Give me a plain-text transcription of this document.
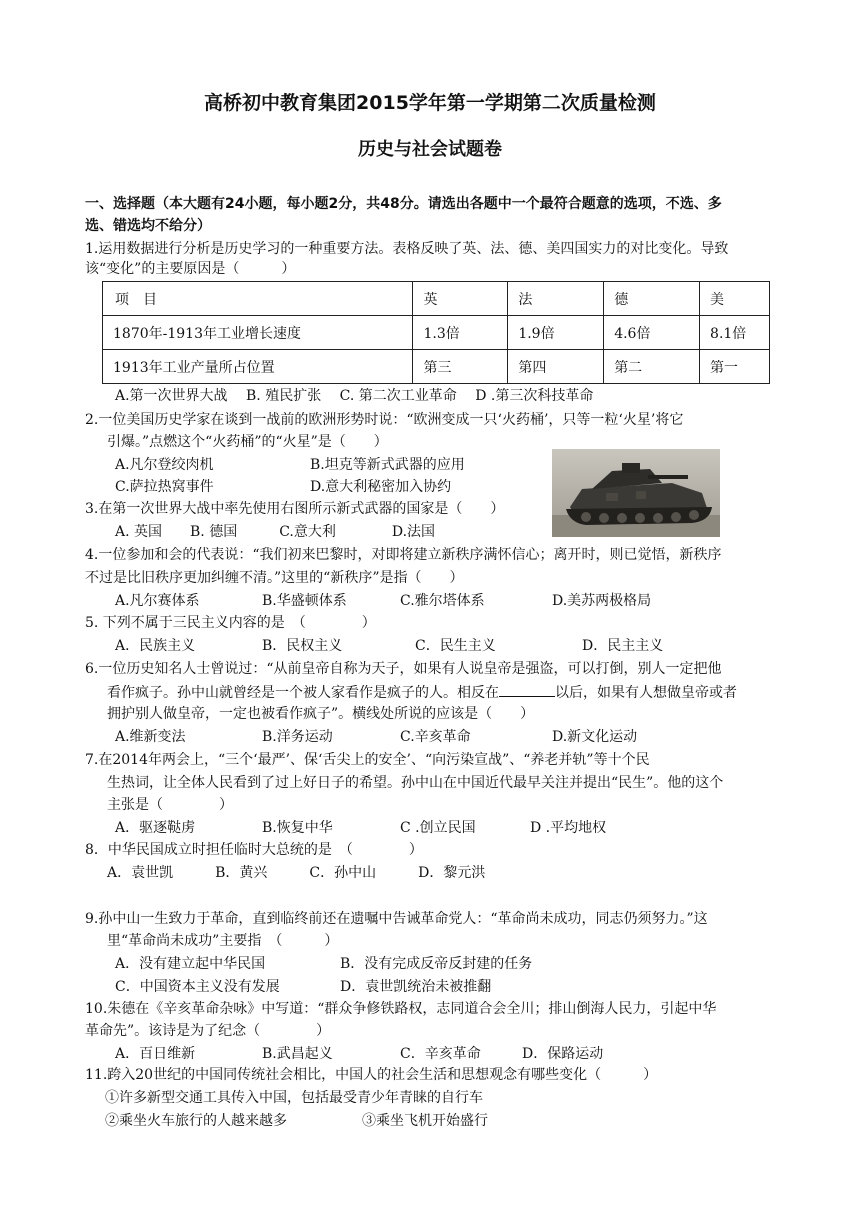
高桥初中教育集团2015学年第一学期第二次质量检测
历史与社会试题卷
一、选择题（本大题有24小题，每小题2分，共48分。请选出各题中一个最符合题意的选项，不选、多
选、错选均不给分）
1.运用数据进行分析是历史学习的一种重要方法。表格反映了英、法、德、美四国实力的对比变化。导致
该“变化”的主要原因是（　　　）
项　目	英	法	德	美
1870年-1913年工业增长速度	1.3倍	1.9倍	4.6倍	8.1倍
1913年工业产量所占位置	第三	第四	第二	第一
A.第一次世界大战　 B. 殖民扩张　 C. 第二次工业革命　 D .第三次科技革命
2.一位美国历史学家在谈到一战前的欧洲形势时说：“欧洲变成一只‘火药桶’，只等一粒‘火星’将它
引爆。”点燃这个“火药桶”的“火星”是（　　）
A.凡尔登绞肉机	B.坦克等新式武器的应用
C.萨拉热窝事件	D.意大利秘密加入协约
3.在第一次世界大战中率先使用右图所示新式武器的国家是（　　）
A. 英国　　B. 德国　　　C.意大利　　　　D.法国
4.一位参加和会的代表说：“我们初来巴黎时，对即将建立新秩序满怀信心；离开时，则已觉悟，新秩序
不过是比旧秩序更加纠缠不清。”这里的“新秩序”是指（　　）
A.凡尔赛体系	B.华盛顿体系	C.雅尔塔体系	D.美苏两极格局
5. 下列不属于三民主义内容的是　（　　　　）
A．民族主义	B．民权主义	C．民生主义	D．民主主义
6.一位历史知名人士曾说过：“从前皇帝自称为天子，如果有人说皇帝是强盗，可以打倒，别人一定把他
看作疯子。孙中山就曾经是一个被人家看作是疯子的人。相反在	以后，如果有人想做皇帝或者
拥护别人做皇帝，一定也被看作疯子”。横线处所说的应该是（　　）
A.维新变法	B.洋务运动	C.辛亥革命	D.新文化运动
7.在2014年两会上，“三个‘最严’、保‘舌尖上的安全’、“向污染宣战”、“养老并轨”等十个民
生热词，让全体人民看到了过上好日子的希望。孙中山在中国近代最早关注并提出“民生”。他的这个
主张是（　　　　）
A．驱逐鞑虏	B.恢复中华	C .创立民国	D .平均地权
8．中华民国成立时担任临时大总统的是　（　　　　）
A．袁世凯　　　B．黄兴　　　C．孙中山　　　D．黎元洪
9.孙中山一生致力于革命，直到临终前还在遗嘱中告诫革命党人：“革命尚未成功，同志仍须努力。”这
里“革命尚未成功”主要指　（　　　）
A．没有建立起中华民国	B．没有完成反帝反封建的任务
C．中国资本主义没有发展	D．袁世凯统治未被推翻
10.朱德在《辛亥革命杂咏》中写道：“群众争修铁路权，志同道合会全川；排山倒海人民力，引起中华
革命先”。该诗是为了纪念（　　　　）
A．百日维新	B.武昌起义	C．辛亥革命	D．保路运动
11.跨入20世纪的中国同传统社会相比，中国人的社会生活和思想观念有哪些变化（　　　）
①许多新型交通工具传入中国，包括最受青少年青睐的自行车
②乘坐火车旅行的人越来越多	③乘坐飞机开始盛行
